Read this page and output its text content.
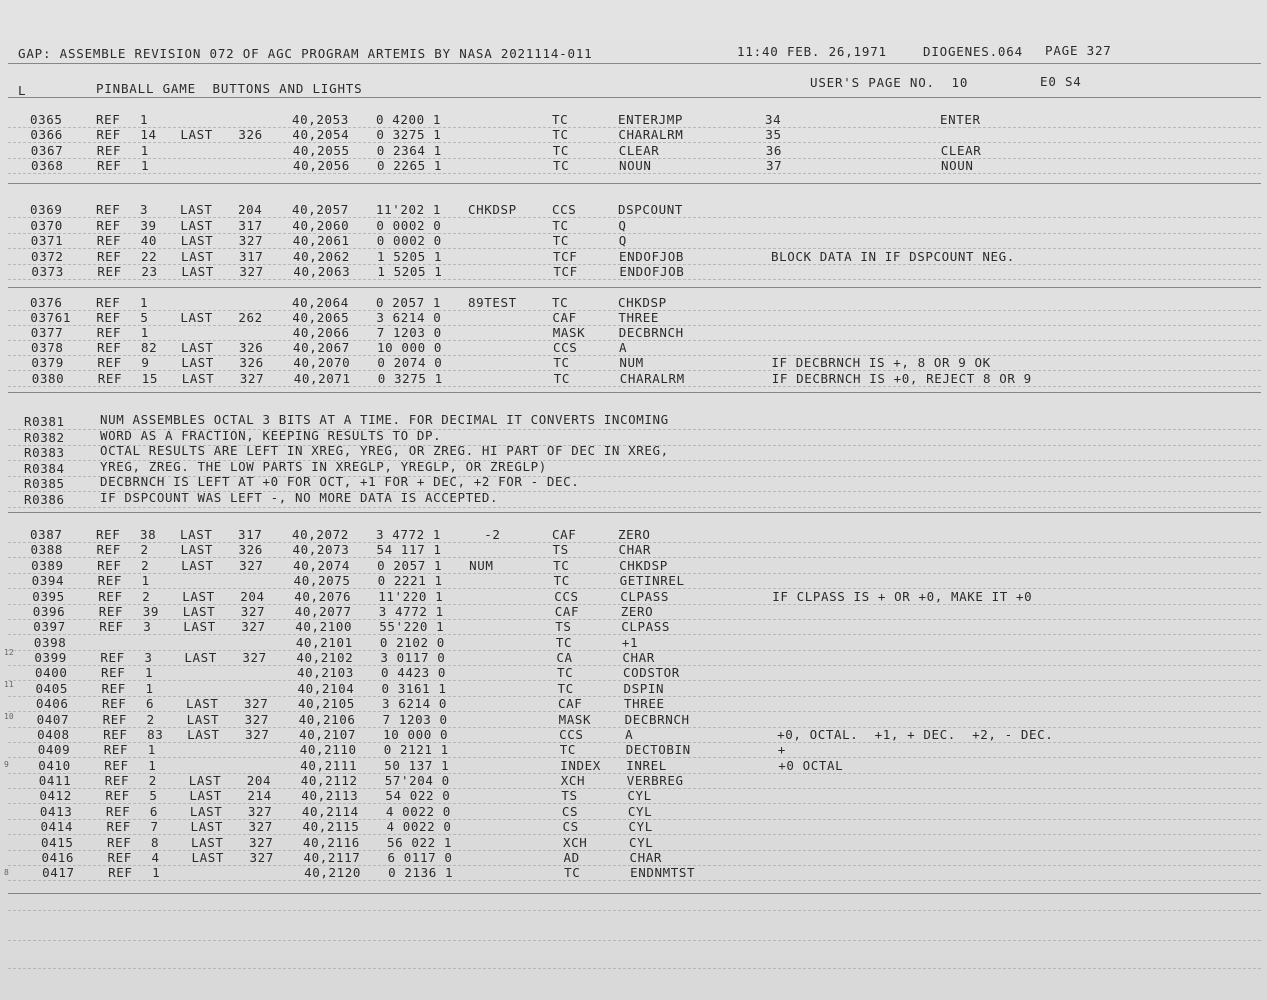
GAP: ASSEMBLE REVISION 072 OF AGC PROGRAM ARTEMIS BY NASA 2021114-011	11:40 FEB. 26,1971	DIOGENES.064 PAGE 327
L	PINBALL GAME  BUTTONS AND LIGHTS	USER'S PAGE NO.  10	E0 S4
0365	REF 1	40,2053 0 4200 1	TC	ENTERJMP	34	ENTER
0366	REF 14 LAST 326 40,2054 0 3275 1	TC	CHARALRM	35
0367	REF 1	40,2055 0 2364 1	TC	CLEAR	36	CLEAR
0368	REF 1	40,2056 0 2265 1	TC	NOUN	37	NOUN
0369	REF 3	LAST 204 40,2057 11'202 1 CHKDSP	CCS	DSPCOUNT
0370	REF 39 LAST 317 40,2060 0 0002 0	TC	Q
0371	REF 40 LAST 327 40,2061 0 0002 0	TC	Q
0372	REF 22 LAST 317 40,2062 1 5205 1	TCF	ENDOFJOB	BLOCK DATA IN IF DSPCOUNT NEG.
0373	REF 23 LAST 327 40,2063 1 5205 1	TCF	ENDOFJOB
0376	REF 1	40,2064 0 2057 1 89TEST	TC	CHKDSP
03761 REF 5	LAST 262 40,2065 3 6214 0	CAF	THREE
0377	REF 1	40,2066 7 1203 0	MASK	DECBRNCH
0378	REF 82 LAST 326 40,2067 10 000 0	CCS	A
0379	REF 9	LAST 326 40,2070 0 2074 0	TC	NUM	IF DECBRNCH IS +, 8 OR 9 OK
0380	REF 15 LAST 327 40,2071 0 3275 1	TC	CHARALRM	IF DECBRNCH IS +0, REJECT 8 OR 9
0387	REF 38 LAST 317 40,2072 3 4772 1 -2	CAF	ZERO
0388	REF 2	LAST 326 40,2073 54 117 1	TS	CHAR
0389	REF 2	LAST 327 40,2074 0 2057 1 NUM	TC	CHKDSP
0394	REF 1	40,2075 0 2221 1	TC	GETINREL
0395	REF 2	LAST 204 40,2076 11'220 1	CCS	CLPASS	IF CLPASS IS + OR +0, MAKE IT +0
0396	REF 39 LAST 327 40,2077 3 4772 1	CAF	ZERO
0397	REF 3	LAST 327 40,2100 55'220 1	TS	CLPASS
0398	40,2101 0 2102 0	TC	+1
0399	REF 3	LAST 327 40,2102 3 0117 0	CA	CHAR
0400	REF 1	40,2103 0 4423 0	TC	CODSTOR
0405	REF 1	40,2104 0 3161 1	TC	DSPIN
0406	REF 6	LAST 327 40,2105 3 6214 0	CAF	THREE
0407	REF 2	LAST 327 40,2106 7 1203 0	MASK	DECBRNCH
0408	REF 83 LAST 327 40,2107 10 000 0	CCS	A	+0, OCTAL.  +1, + DEC.  +2, - DEC.
0409	REF 1	40,2110 0 2121 1	TC	DECTOBIN	+
0410	REF 1	40,2111 50 137 1	INDEX INREL	+0 OCTAL
0411	REF 2	LAST 204 40,2112 57'204 0	XCH	VERBREG
0412	REF 5	LAST 214 40,2113 54 022 0	TS	CYL
0413	REF 6	LAST 327 40,2114 4 0022 0	CS	CYL
0414	REF 7	LAST 327 40,2115 4 0022 0	CS	CYL
0415	REF 8	LAST 327 40,2116 56 022 1	XCH	CYL
0416	REF 4	LAST 327 40,2117 6 0117 0	AD	CHAR
0417	REF 1	40,2120 0 2136 1	TC	ENDNMTST
R0381	NUM ASSEMBLES OCTAL 3 BITS AT A TIME. FOR DECIMAL IT CONVERTS INCOMING
R0382	WORD AS A FRACTION, KEEPING RESULTS TO DP.
R0383	OCTAL RESULTS ARE LEFT IN XREG, YREG, OR ZREG. HI PART OF DEC IN XREG,
R0384	YREG, ZREG. THE LOW PARTS IN XREGLP, YREGLP, OR ZREGLP)
R0385	DECBRNCH IS LEFT AT +0 FOR OCT, +1 FOR + DEC, +2 FOR - DEC.
R0386	IF DSPCOUNT WAS LEFT -, NO MORE DATA IS ACCEPTED.
12
11
10
9
8
